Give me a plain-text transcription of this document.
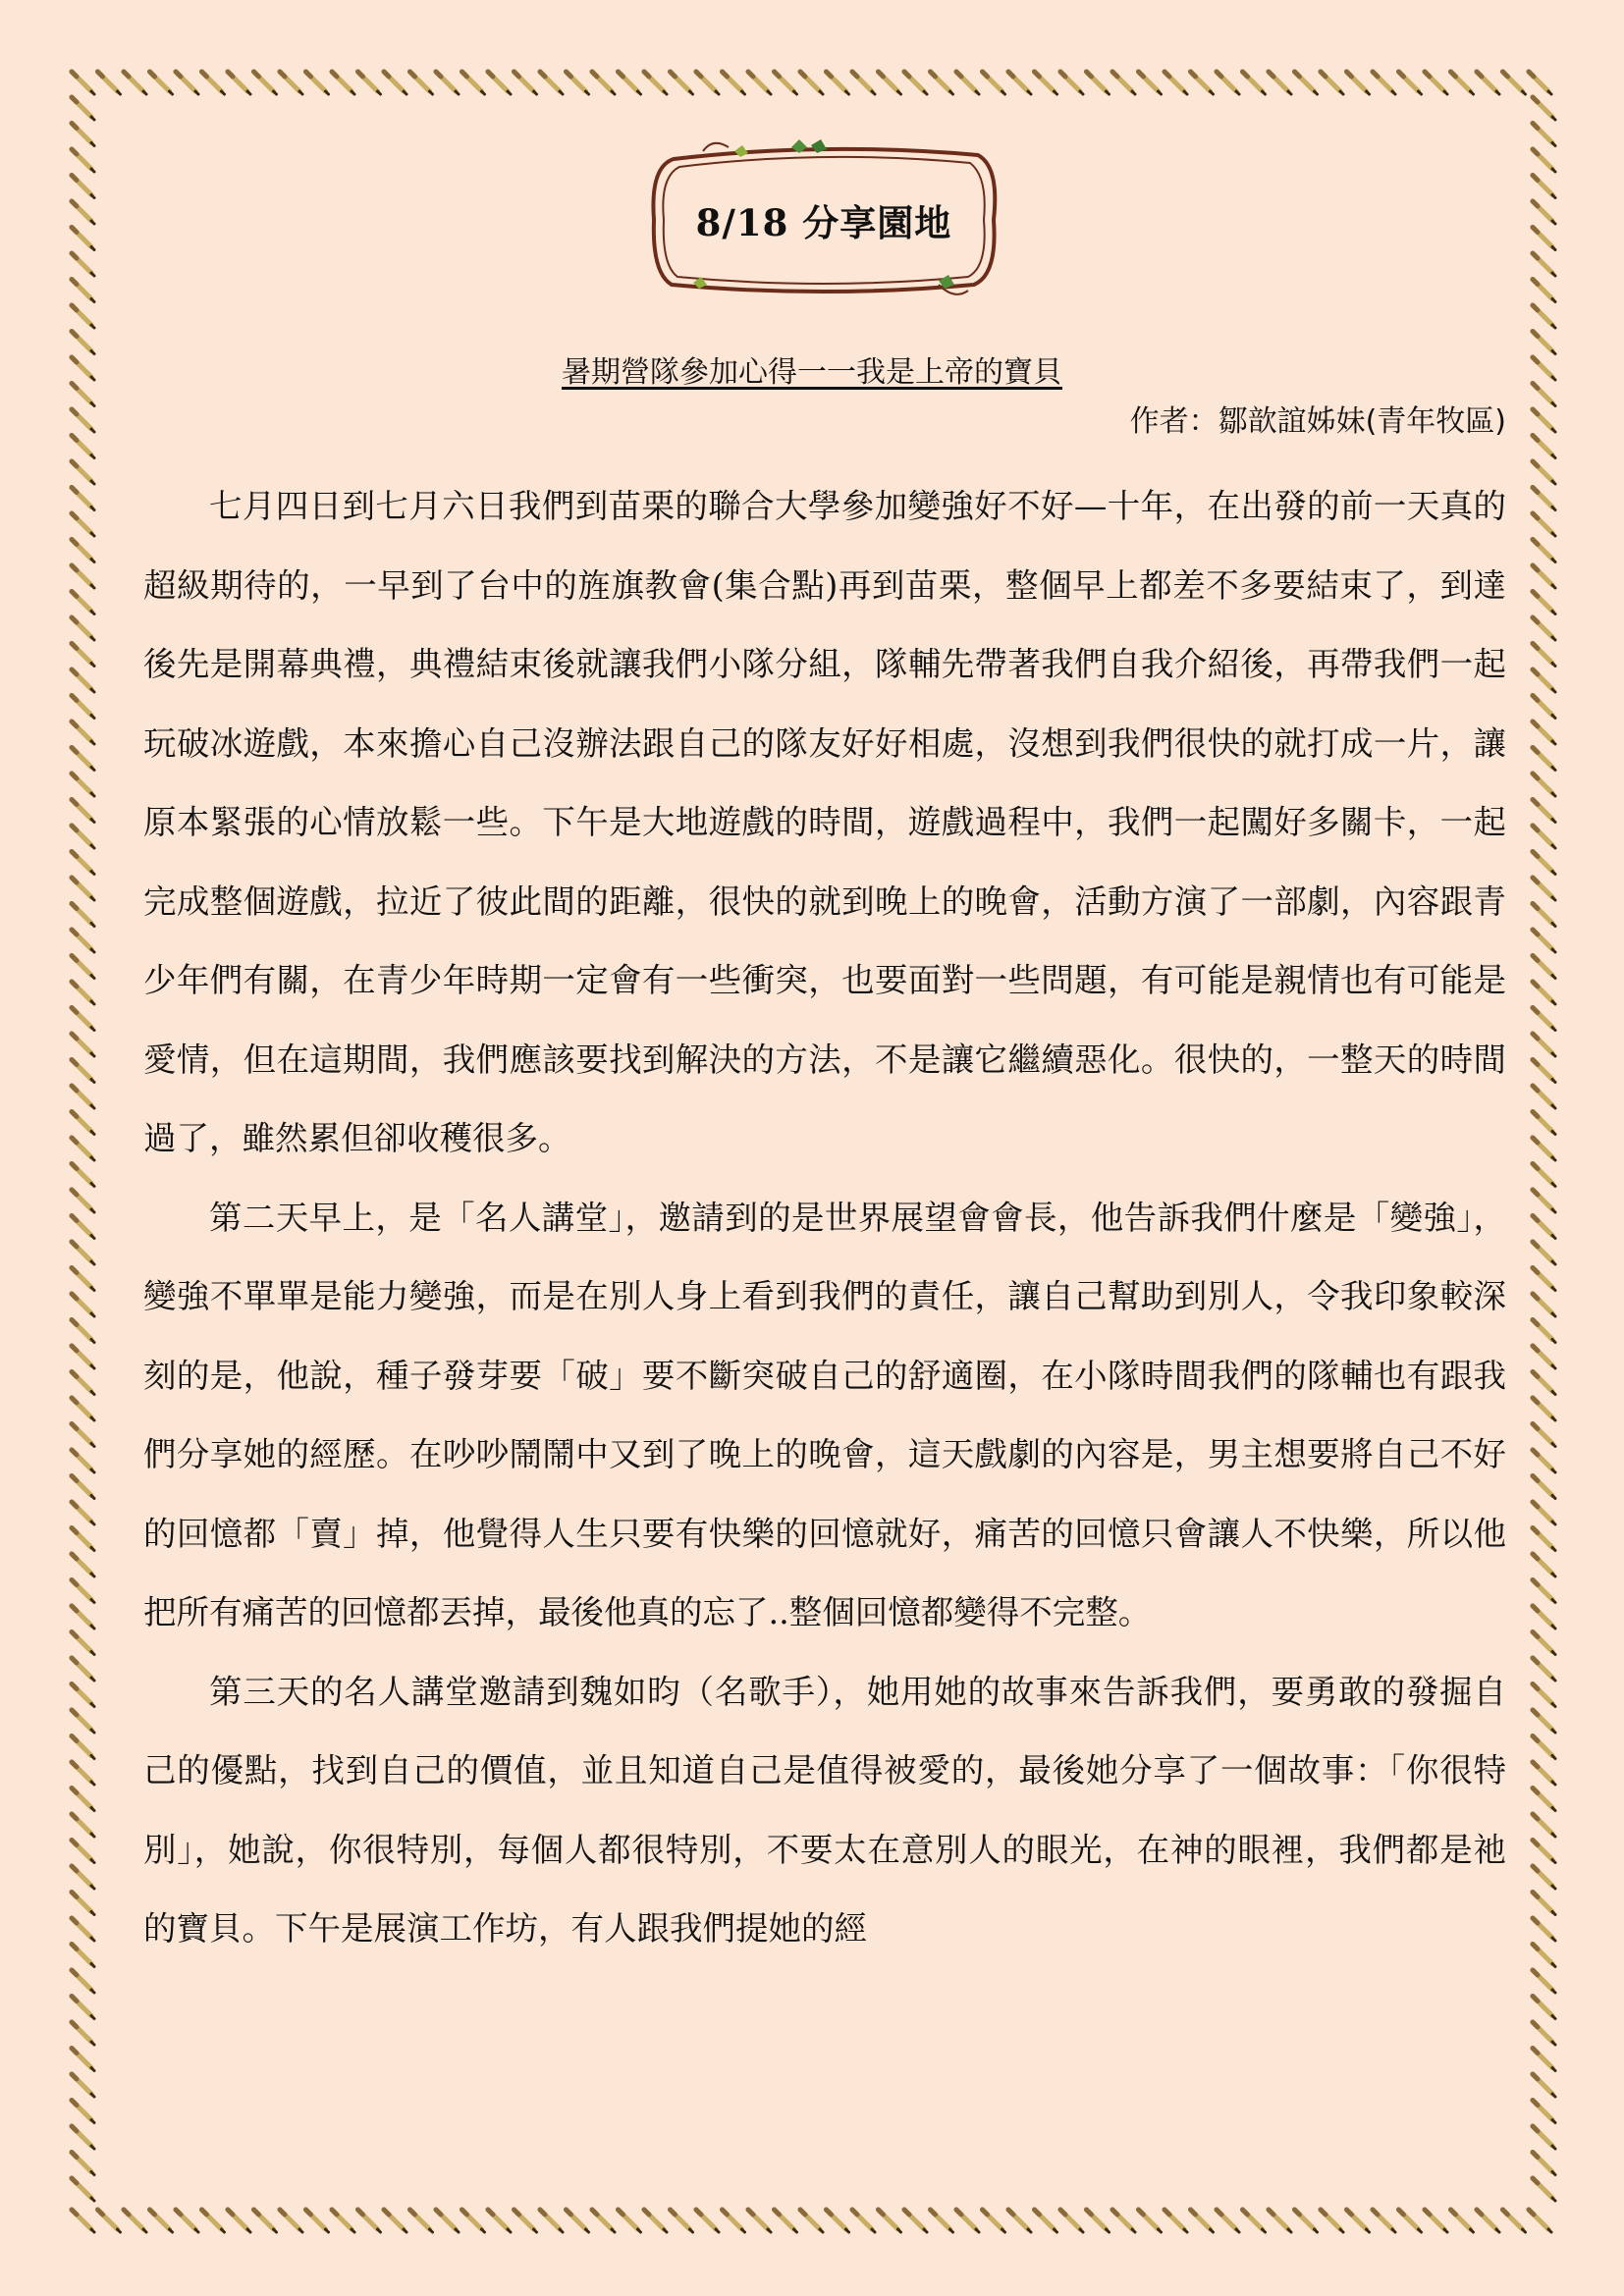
8/18 分享園地
暑期營隊參加心得一一我是上帝的寶貝
作者：鄒歆誼姊妹(青年牧區)

七月四日到七月六日我們到苗栗的聯合大學參加變強好不好—十年，在出發的前一天真的超級期待的，一早到了台中的旌旗教會(集合點)再到苗栗，整個早上都差不多要結束了，到達後先是開幕典禮，典禮結束後就讓我們小隊分組，隊輔先帶著我們自我介紹後，再帶我們一起玩破冰遊戲，本來擔心自己沒辦法跟自己的隊友好好相處，沒想到我們很快的就打成一片，讓原本緊張的心情放鬆一些。下午是大地遊戲的時間，遊戲過程中，我們一起闖好多關卡，一起完成整個遊戲，拉近了彼此間的距離，很快的就到晚上的晚會，活動方演了一部劇，內容跟青少年們有關，在青少年時期一定會有一些衝突，也要面對一些問題，有可能是親情也有可能是愛情，但在這期間，我們應該要找到解決的方法，不是讓它繼續惡化。很快的，一整天的時間過了，雖然累但卻收穫很多。

第二天早上，是「名人講堂」，邀請到的是世界展望會會長，他告訴我們什麼是「變強」，變強不單單是能力變強，而是在別人身上看到我們的責任，讓自己幫助到別人，令我印象較深刻的是，他說，種子發芽要「破」要不斷突破自己的舒適圈，在小隊時間我們的隊輔也有跟我們分享她的經歷。在吵吵鬧鬧中又到了晚上的晚會，這天戲劇的內容是，男主想要將自己不好的回憶都「賣」掉，他覺得人生只要有快樂的回憶就好，痛苦的回憶只會讓人不快樂，所以他把所有痛苦的回憶都丟掉，最後他真的忘了..整個回憶都變得不完整。

第三天的名人講堂邀請到魏如昀（名歌手），她用她的故事來告訴我們，要勇敢的發掘自己的優點，找到自己的價值，並且知道自己是值得被愛的，最後她分享了一個故事：「你很特別」，她說，你很特別，每個人都很特別，不要太在意別人的眼光，在神的眼裡，我們都是祂的寶貝。下午是展演工作坊，有人跟我們提她的經
